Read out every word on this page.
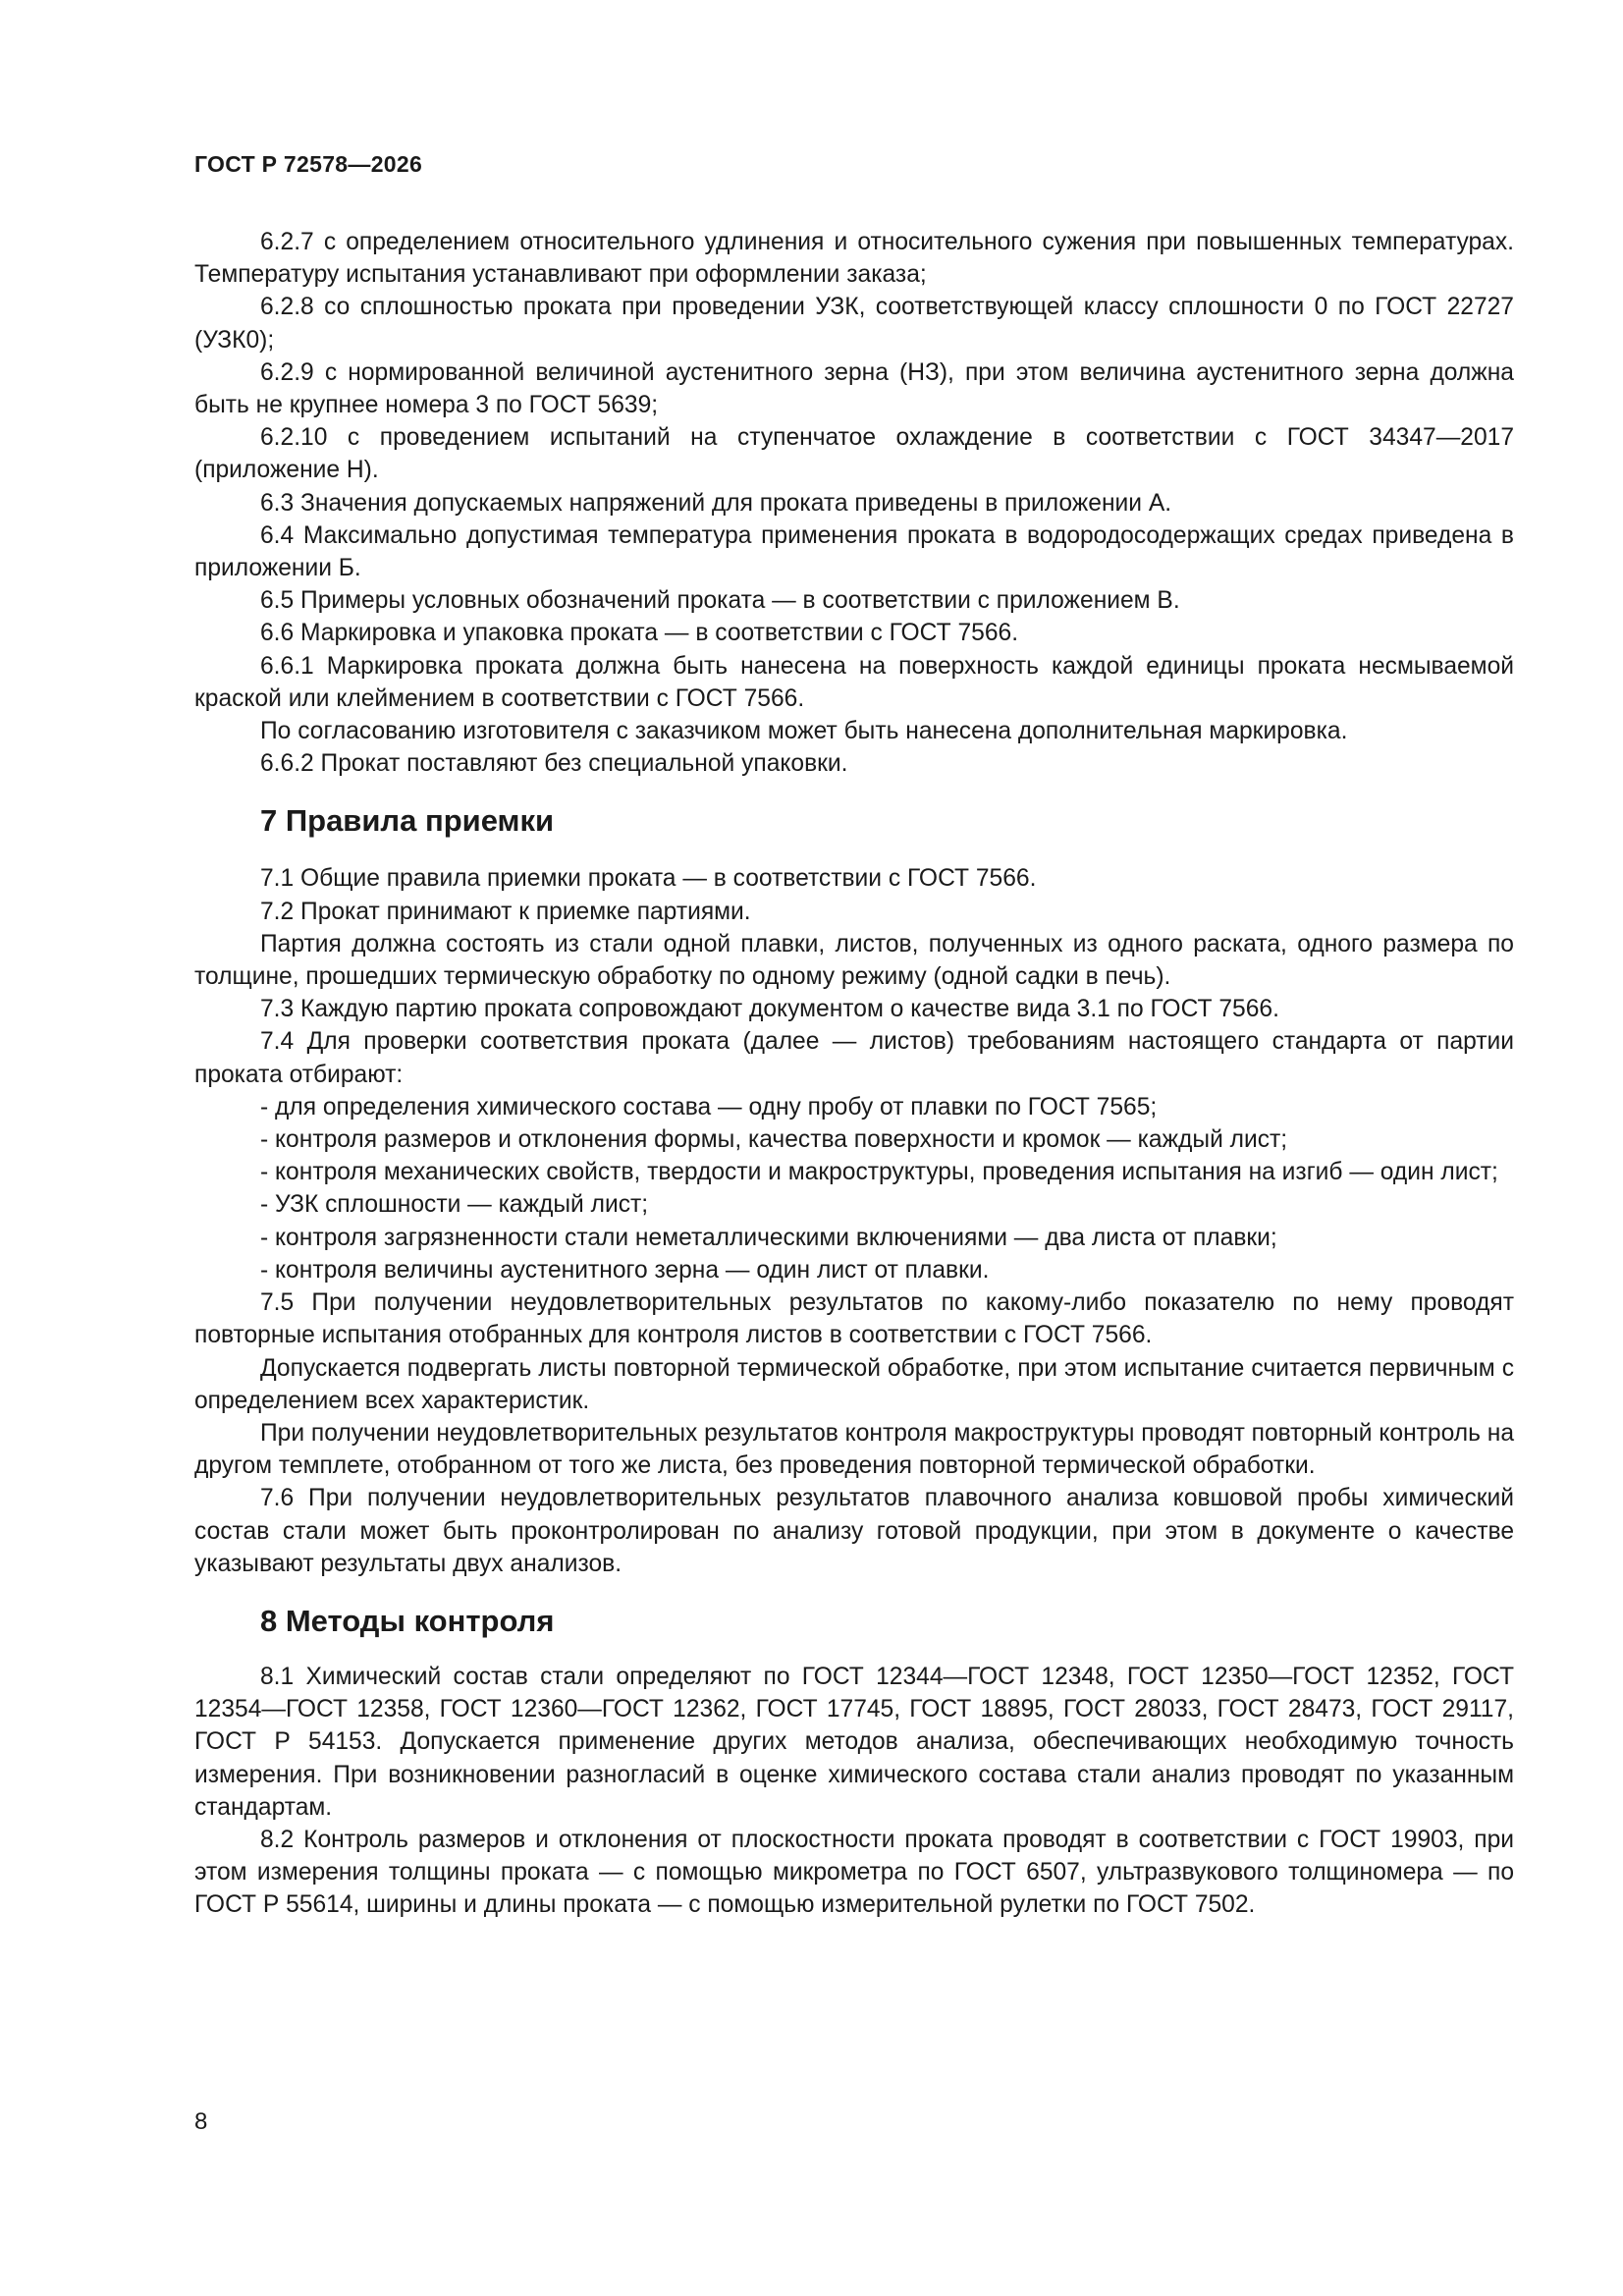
ГОСТ Р 72578—2026

6.2.7 с определением относительного удлинения и относительного сужения при повышенных температурах. Температуру испытания устанавливают при оформлении заказа;

6.2.8 со сплошностью проката при проведении УЗК, соответствующей классу сплошности 0 по ГОСТ 22727 (УЗК0);

6.2.9 с нормированной величиной аустенитного зерна (НЗ), при этом величина аустенитного зерна должна быть не крупнее номера 3 по ГОСТ 5639;

6.2.10 с проведением испытаний на ступенчатое охлаждение в соответствии с ГОСТ 34347—2017 (приложение Н).

6.3 Значения допускаемых напряжений для проката приведены в приложении А.

6.4 Максимально допустимая температура применения проката в водородосодержащих средах приведена в приложении Б.

6.5 Примеры условных обозначений проката — в соответствии с приложением В.

6.6 Маркировка и упаковка проката — в соответствии с ГОСТ 7566.

6.6.1 Маркировка проката должна быть нанесена на поверхность каждой единицы проката несмываемой краской или клеймением в соответствии с ГОСТ 7566.

По согласованию изготовителя с заказчиком может быть нанесена дополнительная маркировка.

6.6.2 Прокат поставляют без специальной упаковки.

7 Правила приемки

7.1 Общие правила приемки проката — в соответствии с ГОСТ 7566.

7.2 Прокат принимают к приемке партиями.

Партия должна состоять из стали одной плавки, листов, полученных из одного раската, одного размера по толщине, прошедших термическую обработку по одному режиму (одной садки в печь).

7.3 Каждую партию проката сопровождают документом о качестве вида 3.1 по ГОСТ 7566.

7.4 Для проверки соответствия проката (далее — листов) требованиям настоящего стандарта от партии проката отбирают:

- для определения химического состава — одну пробу от плавки по ГОСТ 7565;

- контроля размеров и отклонения формы, качества поверхности и кромок — каждый лист;

- контроля механических свойств, твердости и макроструктуры, проведения испытания на изгиб — один лист;

- УЗК сплошности — каждый лист;

- контроля загрязненности стали неметаллическими включениями — два листа от плавки;

- контроля величины аустенитного зерна — один лист от плавки.

7.5 При получении неудовлетворительных результатов по какому-либо показателю по нему проводят повторные испытания отобранных для контроля листов в соответствии с ГОСТ 7566.

Допускается подвергать листы повторной термической обработке, при этом испытание считается первичным с определением всех характеристик.

При получении неудовлетворительных результатов контроля макроструктуры проводят повторный контроль на другом темплете, отобранном от того же листа, без проведения повторной термической обработки.

7.6 При получении неудовлетворительных результатов плавочного анализа ковшовой пробы химический состав стали может быть проконтролирован по анализу готовой продукции, при этом в документе о качестве указывают результаты двух анализов.

8 Методы контроля

8.1 Химический состав стали определяют по ГОСТ 12344—ГОСТ 12348, ГОСТ 12350—ГОСТ 12352, ГОСТ 12354—ГОСТ 12358, ГОСТ 12360—ГОСТ 12362, ГОСТ 17745, ГОСТ 18895, ГОСТ 28033, ГОСТ 28473, ГОСТ 29117, ГОСТ Р 54153. Допускается применение других методов анализа, обеспечивающих необходимую точность измерения. При возникновении разногласий в оценке химического состава стали анализ проводят по указанным стандартам.

8.2 Контроль размеров и отклонения от плоскостности проката проводят в соответствии с ГОСТ 19903, при этом измерения толщины проката — с помощью микрометра по ГОСТ 6507, ультразвукового толщиномера — по ГОСТ Р 55614, ширины и длины проката — с помощью измерительной рулетки по ГОСТ 7502.

8
